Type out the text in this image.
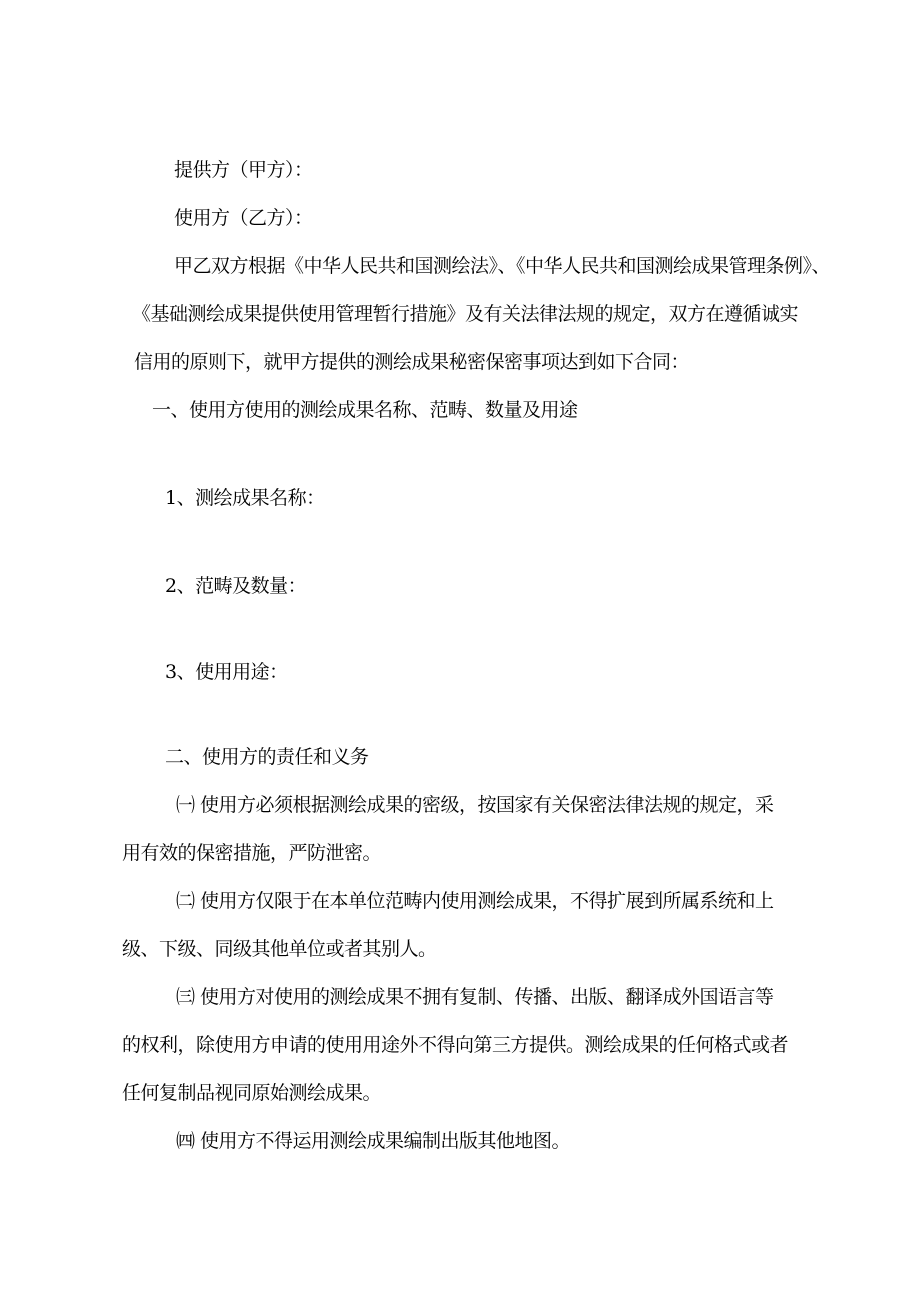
提供方（甲方）：
使用方（乙方）：
甲乙双方根据《中华人民共和国测绘法》、《中华人民共和国测绘成果管理条例》、
《基础测绘成果提供使用管理暂行措施》及有关法律法规的规定，双方在遵循诚实
信用的原则下，就甲方提供的测绘成果秘密保密事项达到如下合同：
一、使用方使用的测绘成果名称、范畴、数量及用途
1、测绘成果名称：
2、范畴及数量：
3、使用用途：
二、使用方的责任和义务
㈠ 使用方必须根据测绘成果的密级，按国家有关保密法律法规的规定，采
用有效的保密措施，严防泄密。
㈡ 使用方仅限于在本单位范畴内使用测绘成果，不得扩展到所属系统和上
级、下级、同级其他单位或者其别人。
㈢ 使用方对使用的测绘成果不拥有复制、传播、出版、翻译成外国语言等
的权利，除使用方申请的使用用途外不得向第三方提供。测绘成果的任何格式或者
任何复制品视同原始测绘成果。
㈣ 使用方不得运用测绘成果编制出版其他地图。
